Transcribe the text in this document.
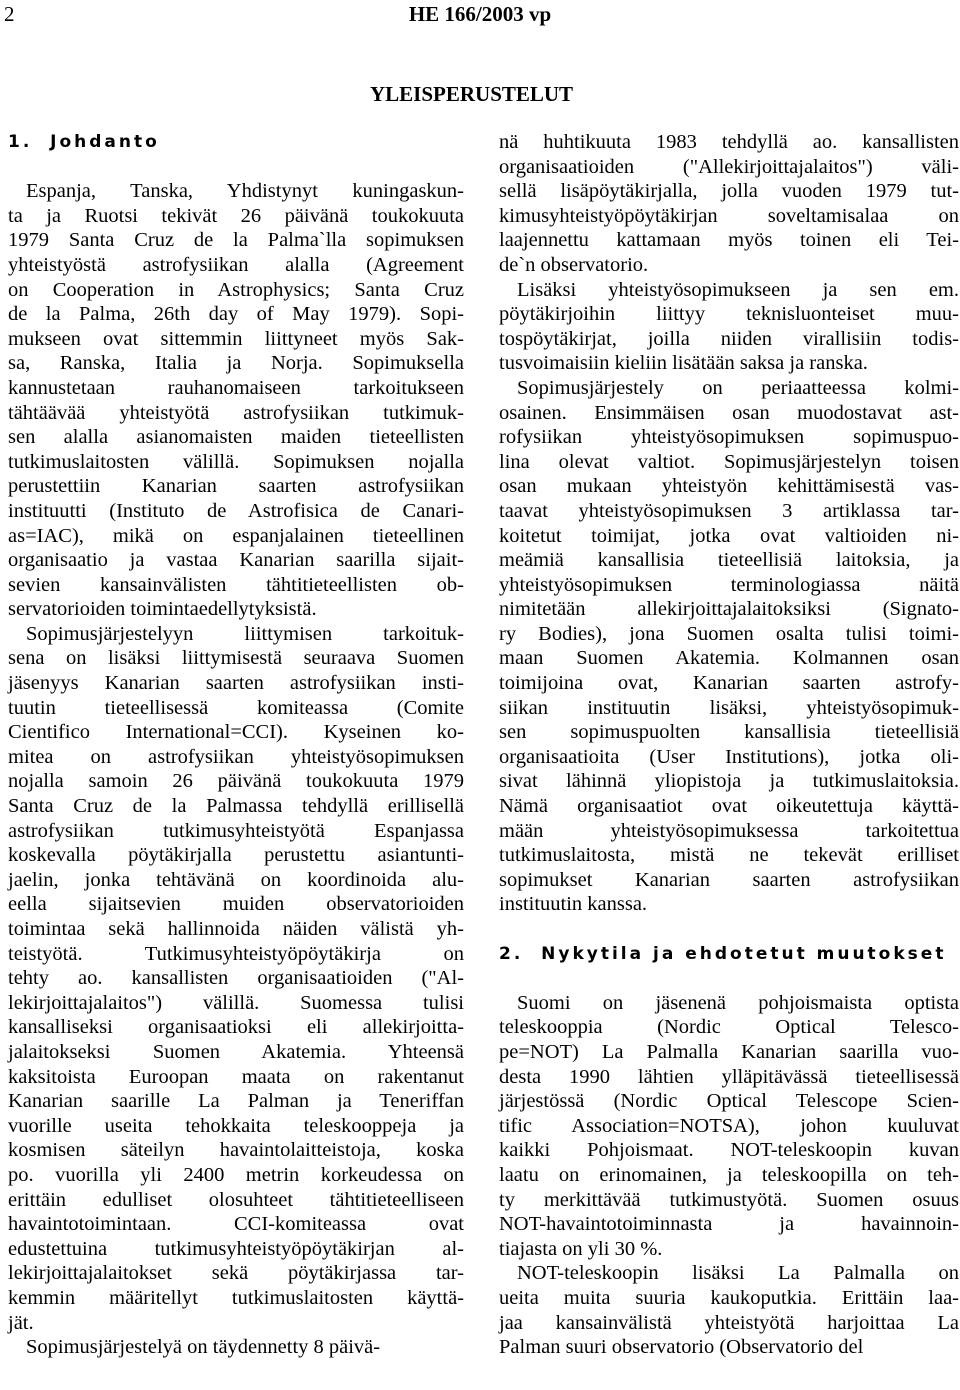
2	HE 166/2003 vp
YLEISPERUSTELUT
1. Johdanto
Espanja, Tanska, Yhdistynyt kuningaskun-
ta ja Ruotsi tekivät 26 päivänä toukokuuta
1979 Santa Cruz de la Palma`lla sopimuksen
yhteistyöstä astrofysiikan alalla (Agreement
on Cooperation in Astrophysics; Santa Cruz
de la Palma, 26th day of May 1979). Sopi-
mukseen ovat sittemmin liittyneet myös Sak-
sa, Ranska, Italia ja Norja. Sopimuksella
kannustetaan rauhanomaiseen tarkoitukseen
tähtäävää yhteistyötä astrofysiikan tutkimuk-
sen alalla asianomaisten maiden tieteellisten
tutkimuslaitosten välillä. Sopimuksen nojalla
perustettiin Kanarian saarten astrofysiikan
instituutti (Instituto de Astrofisica de Canari-
as=IAC), mikä on espanjalainen tieteellinen
organisaatio ja vastaa Kanarian saarilla sijait-
sevien kansainvälisten tähtitieteellisten ob-
servatorioiden toimintaedellytyksistä.
Sopimusjärjestelyyn liittymisen tarkoituk-
sena on lisäksi liittymisestä seuraava Suomen
jäsenyys Kanarian saarten astrofysiikan insti-
tuutin tieteellisessä komiteassa (Comite
Cientifico International=CCI). Kyseinen ko-
mitea on astrofysiikan yhteistyösopimuksen
nojalla samoin 26 päivänä toukokuuta 1979
Santa Cruz de la Palmassa tehdyllä erillisellä
astrofysiikan tutkimusyhteistyötä Espanjassa
koskevalla pöytäkirjalla perustettu asiantunti-
jaelin, jonka tehtävänä on koordinoida alu-
eella sijaitsevien muiden observatorioiden
toimintaa sekä hallinnoida näiden välistä yh-
teistyötä. Tutkimusyhteistyöpöytäkirja on
tehty ao. kansallisten organisaatioiden ("Al-
lekirjoittajalaitos") välillä. Suomessa tulisi
kansalliseksi organisaatioksi eli allekirjoitta-
jalaitokseksi Suomen Akatemia. Yhteensä
kaksitoista Euroopan maata on rakentanut
Kanarian saarille La Palman ja Teneriffan
vuorille useita tehokkaita teleskooppeja ja
kosmisen säteilyn havaintolaitteistoja, koska
po. vuorilla yli 2400 metrin korkeudessa on
erittäin edulliset olosuhteet tähtitieteelliseen
havaintotoimintaan. CCI-komiteassa ovat
edustettuina tutkimusyhteistyöpöytäkirjan al-
lekirjoittajalaitokset sekä pöytäkirjassa tar-
kemmin määritellyt tutkimuslaitosten käyttä-
jät.
Sopimusjärjestelyä on täydennetty 8 päivä-
nä huhtikuuta 1983 tehdyllä ao. kansallisten
organisaatioiden ("Allekirjoittajalaitos") väli-
sellä lisäpöytäkirjalla, jolla vuoden 1979 tut-
kimusyhteistyöpöytäkirjan soveltamisalaa on
laajennettu kattamaan myös toinen eli Tei-
de`n observatorio.
Lisäksi yhteistyösopimukseen ja sen em.
pöytäkirjoihin liittyy teknisluonteiset muu-
tospöytäkirjat, joilla niiden virallisiin todis-
tusvoimaisiin kieliin lisätään saksa ja ranska.
Sopimusjärjestely on periaatteessa kolmi-
osainen. Ensimmäisen osan muodostavat ast-
rofysiikan yhteistyösopimuksen sopimuspuo-
lina olevat valtiot. Sopimusjärjestelyn toisen
osan mukaan yhteistyön kehittämisestä vas-
taavat yhteistyösopimuksen 3 artiklassa tar-
koitetut toimijat, jotka ovat valtioiden ni-
meämiä kansallisia tieteellisiä laitoksia, ja
yhteistyösopimuksen terminologiassa näitä
nimitetään allekirjoittajalaitoksiksi (Signato-
ry Bodies), jona Suomen osalta tulisi toimi-
maan Suomen Akatemia. Kolmannen osan
toimijoina ovat, Kanarian saarten astrofy-
siikan instituutin lisäksi, yhteistyösopimuk-
sen sopimuspuolten kansallisia tieteellisiä
organisaatioita (User Institutions), jotka oli-
sivat lähinnä yliopistoja ja tutkimuslaitoksia.
Nämä organisaatiot ovat oikeutettuja käyttä-
mään yhteistyösopimuksessa tarkoitettua
tutkimuslaitosta, mistä ne tekevät erilliset
sopimukset Kanarian saarten astrofysiikan
instituutin kanssa.
2. Nykytila ja ehdotetut muutokset
Suomi on jäsenenä pohjoismaista optista
teleskooppia (Nordic Optical Telesco-
pe=NOT) La Palmalla Kanarian saarilla vuo-
desta 1990 lähtien ylläpitävässä tieteellisessä
järjestössä (Nordic Optical Telescope Scien-
tific Association=NOTSA), johon kuuluvat
kaikki Pohjoismaat. NOT-teleskoopin kuvan
laatu on erinomainen, ja teleskoopilla on teh-
ty merkittävää tutkimustyötä. Suomen osuus
NOT-havaintotoiminnasta ja havainnoin-
tiajasta on yli 30 %.
NOT-teleskoopin lisäksi La Palmalla on
ueita muita suuria kaukoputkia. Erittäin laa-
jaa kansainvälistä yhteistyötä harjoittaa La
Palman suuri observatorio (Observatorio del
